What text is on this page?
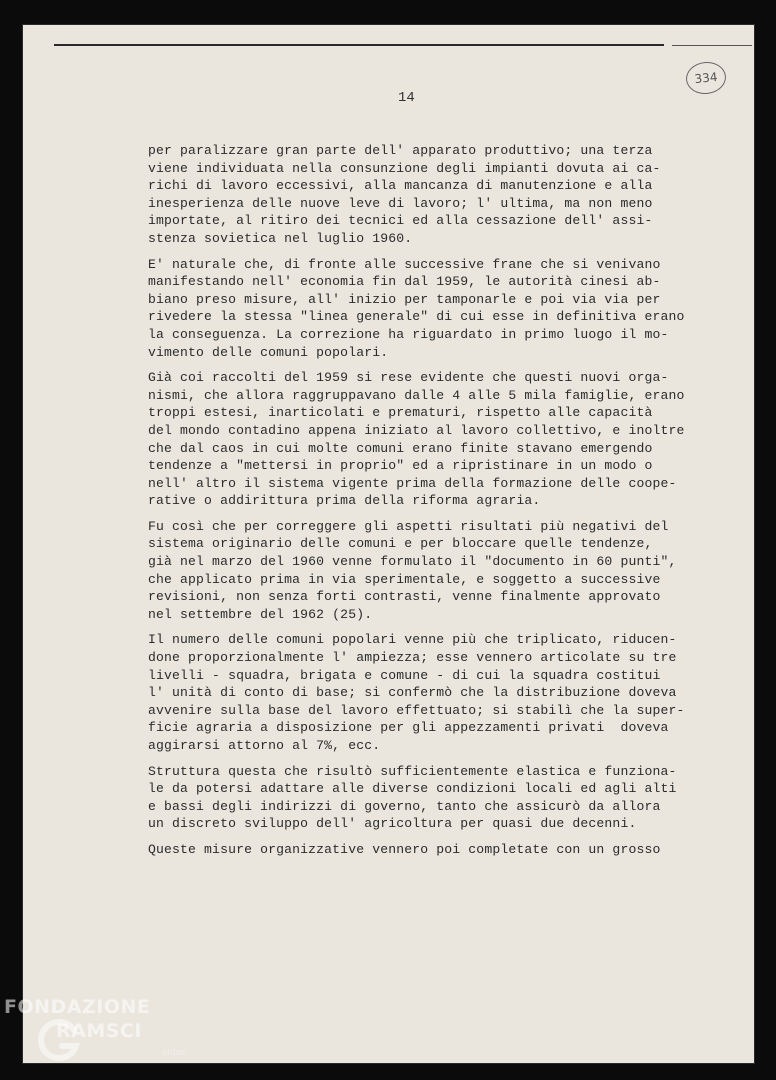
334
14
per paralizzare gran parte dell' apparato produttivo; una terza
viene individuata nella consunzione degli impianti dovuta ai ca-
richi di lavoro eccessivi, alla mancanza di manutenzione e alla
inesperienza delle nuove leve di lavoro; l' ultima, ma non meno
importate, al ritiro dei tecnici ed alla cessazione dell' assi-
stenza sovietica nel luglio 1960.
E' naturale che, di fronte alle successive frane che si venivano
manifestando nell' economia fin dal 1959, le autorità cinesi ab-
biano preso misure, all' inizio per tamponarle e poi via via per
rivedere la stessa "linea generale" di cui esse in definitiva erano
la conseguenza. La correzione ha riguardato in primo luogo il mo-
vimento delle comuni popolari.
Già coi raccolti del 1959 si rese evidente che questi nuovi orga-
nismi, che allora raggruppavano dalle 4 alle 5 mila famiglie, erano
troppi estesi, inarticolati e prematuri, rispetto alle capacità
del mondo contadino appena iniziato al lavoro collettivo, e inoltre
che dal caos in cui molte comuni erano finite stavano emergendo
tendenze a "mettersi in proprio" ed a ripristinare in un modo o
nell' altro il sistema vigente prima della formazione delle coope-
rative o addirittura prima della riforma agraria.
Fu così che per correggere gli aspetti risultati più negativi del
sistema originario delle comuni e per bloccare quelle tendenze,
già nel marzo del 1960 venne formulato il "documento in 60 punti",
che applicato prima in via sperimentale, e soggetto a successive
revisioni, non senza forti contrasti, venne finalmente approvato
nel settembre del 1962 (25).
Il numero delle comuni popolari venne più che triplicato, riducen-
done proporzionalmente l' ampiezza; esse vennero articolate su tre
livelli - squadra, brigata e comune - di cui la squadra costitui
l' unità di conto di base; si confermò che la distribuzione doveva
avvenire sulla base del lavoro effettuato; si stabilì che la super-
ficie agraria a disposizione per gli appezzamenti privati  doveva
aggirarsi attorno al 7%, ecc.
Struttura questa che risultò sufficientemente elastica e funziona-
le da potersi adattare alle diverse condizioni locali ed agli alti
e bassi degli indirizzi di governo, tanto che assicurò da allora
un discreto sviluppo dell' agricoltura per quasi due decenni.
Queste misure organizzative vennero poi completate con un grosso
FONDAZIONE
RAMSCI
onlus
